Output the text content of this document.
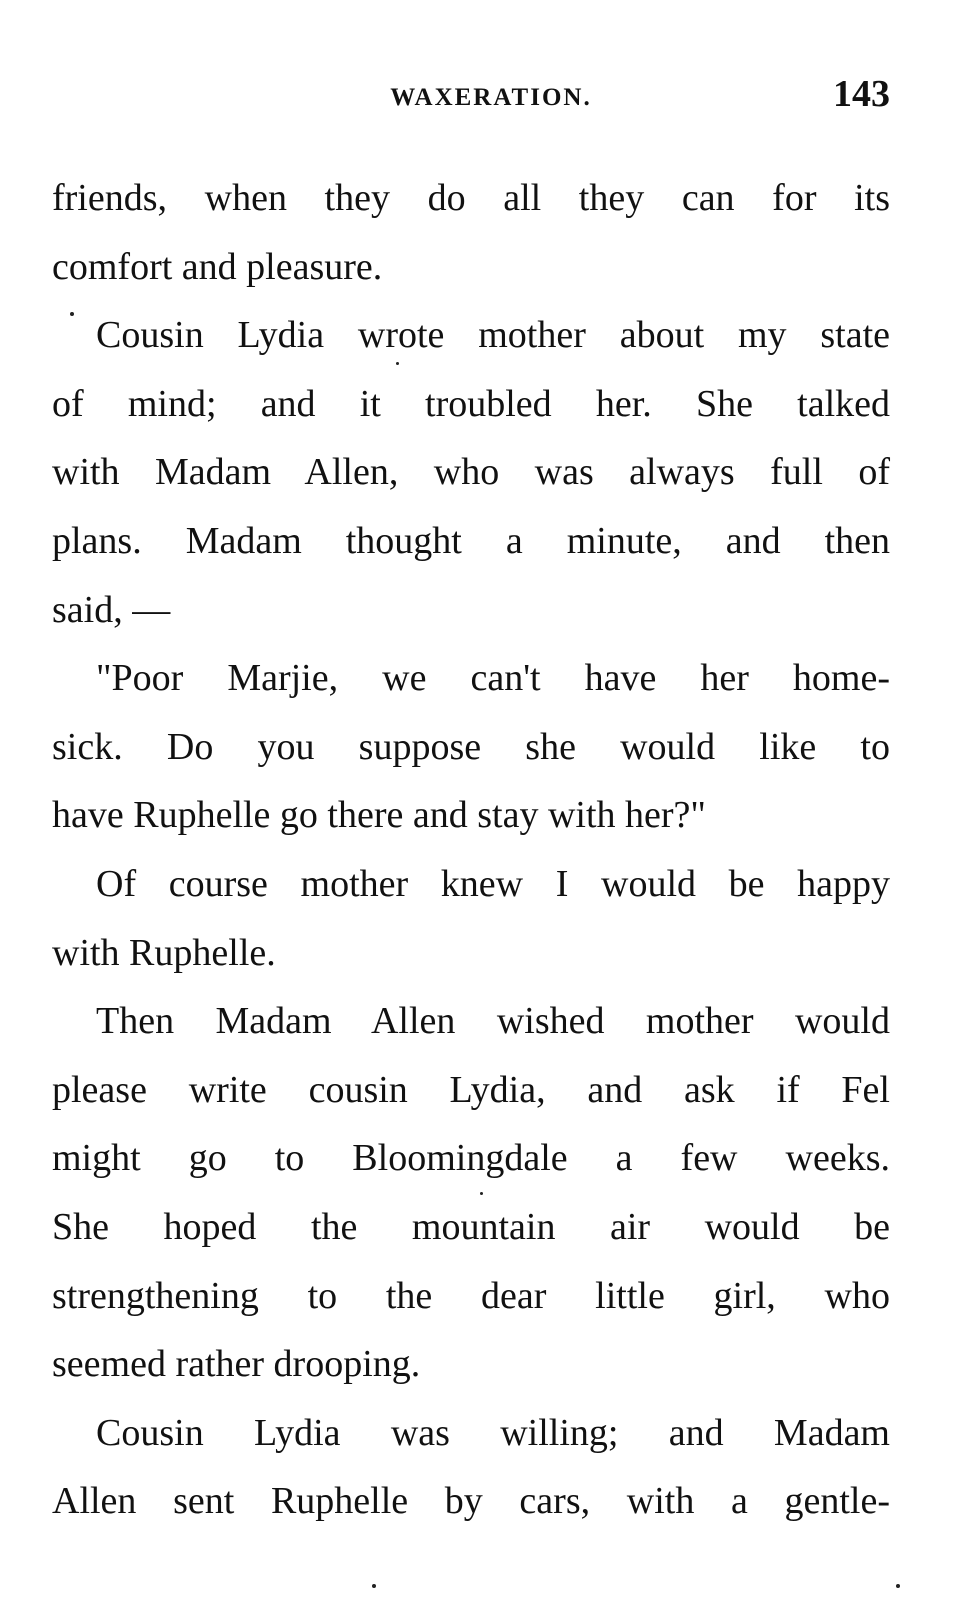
WAXERATION.	143
friends, when they do all they can for its
comfort and pleasure.
Cousin Lydia wrote mother about my state
of mind; and it troubled her. She talked
with Madam Allen, who was always full of
plans. Madam thought a minute, and then
said, —
"Poor Marjie, we can't have her home-
sick. Do you suppose she would like to
have Ruphelle go there and stay with her?"
Of course mother knew I would be happy
with Ruphelle.
Then Madam Allen wished mother would
please write cousin Lydia, and ask if Fel
might go to Bloomingdale a few weeks.
She hoped the mountain air would be
strengthening to the dear little girl, who
seemed rather drooping.
Cousin Lydia was willing; and Madam
Allen sent Ruphelle by cars, with a gentle-
